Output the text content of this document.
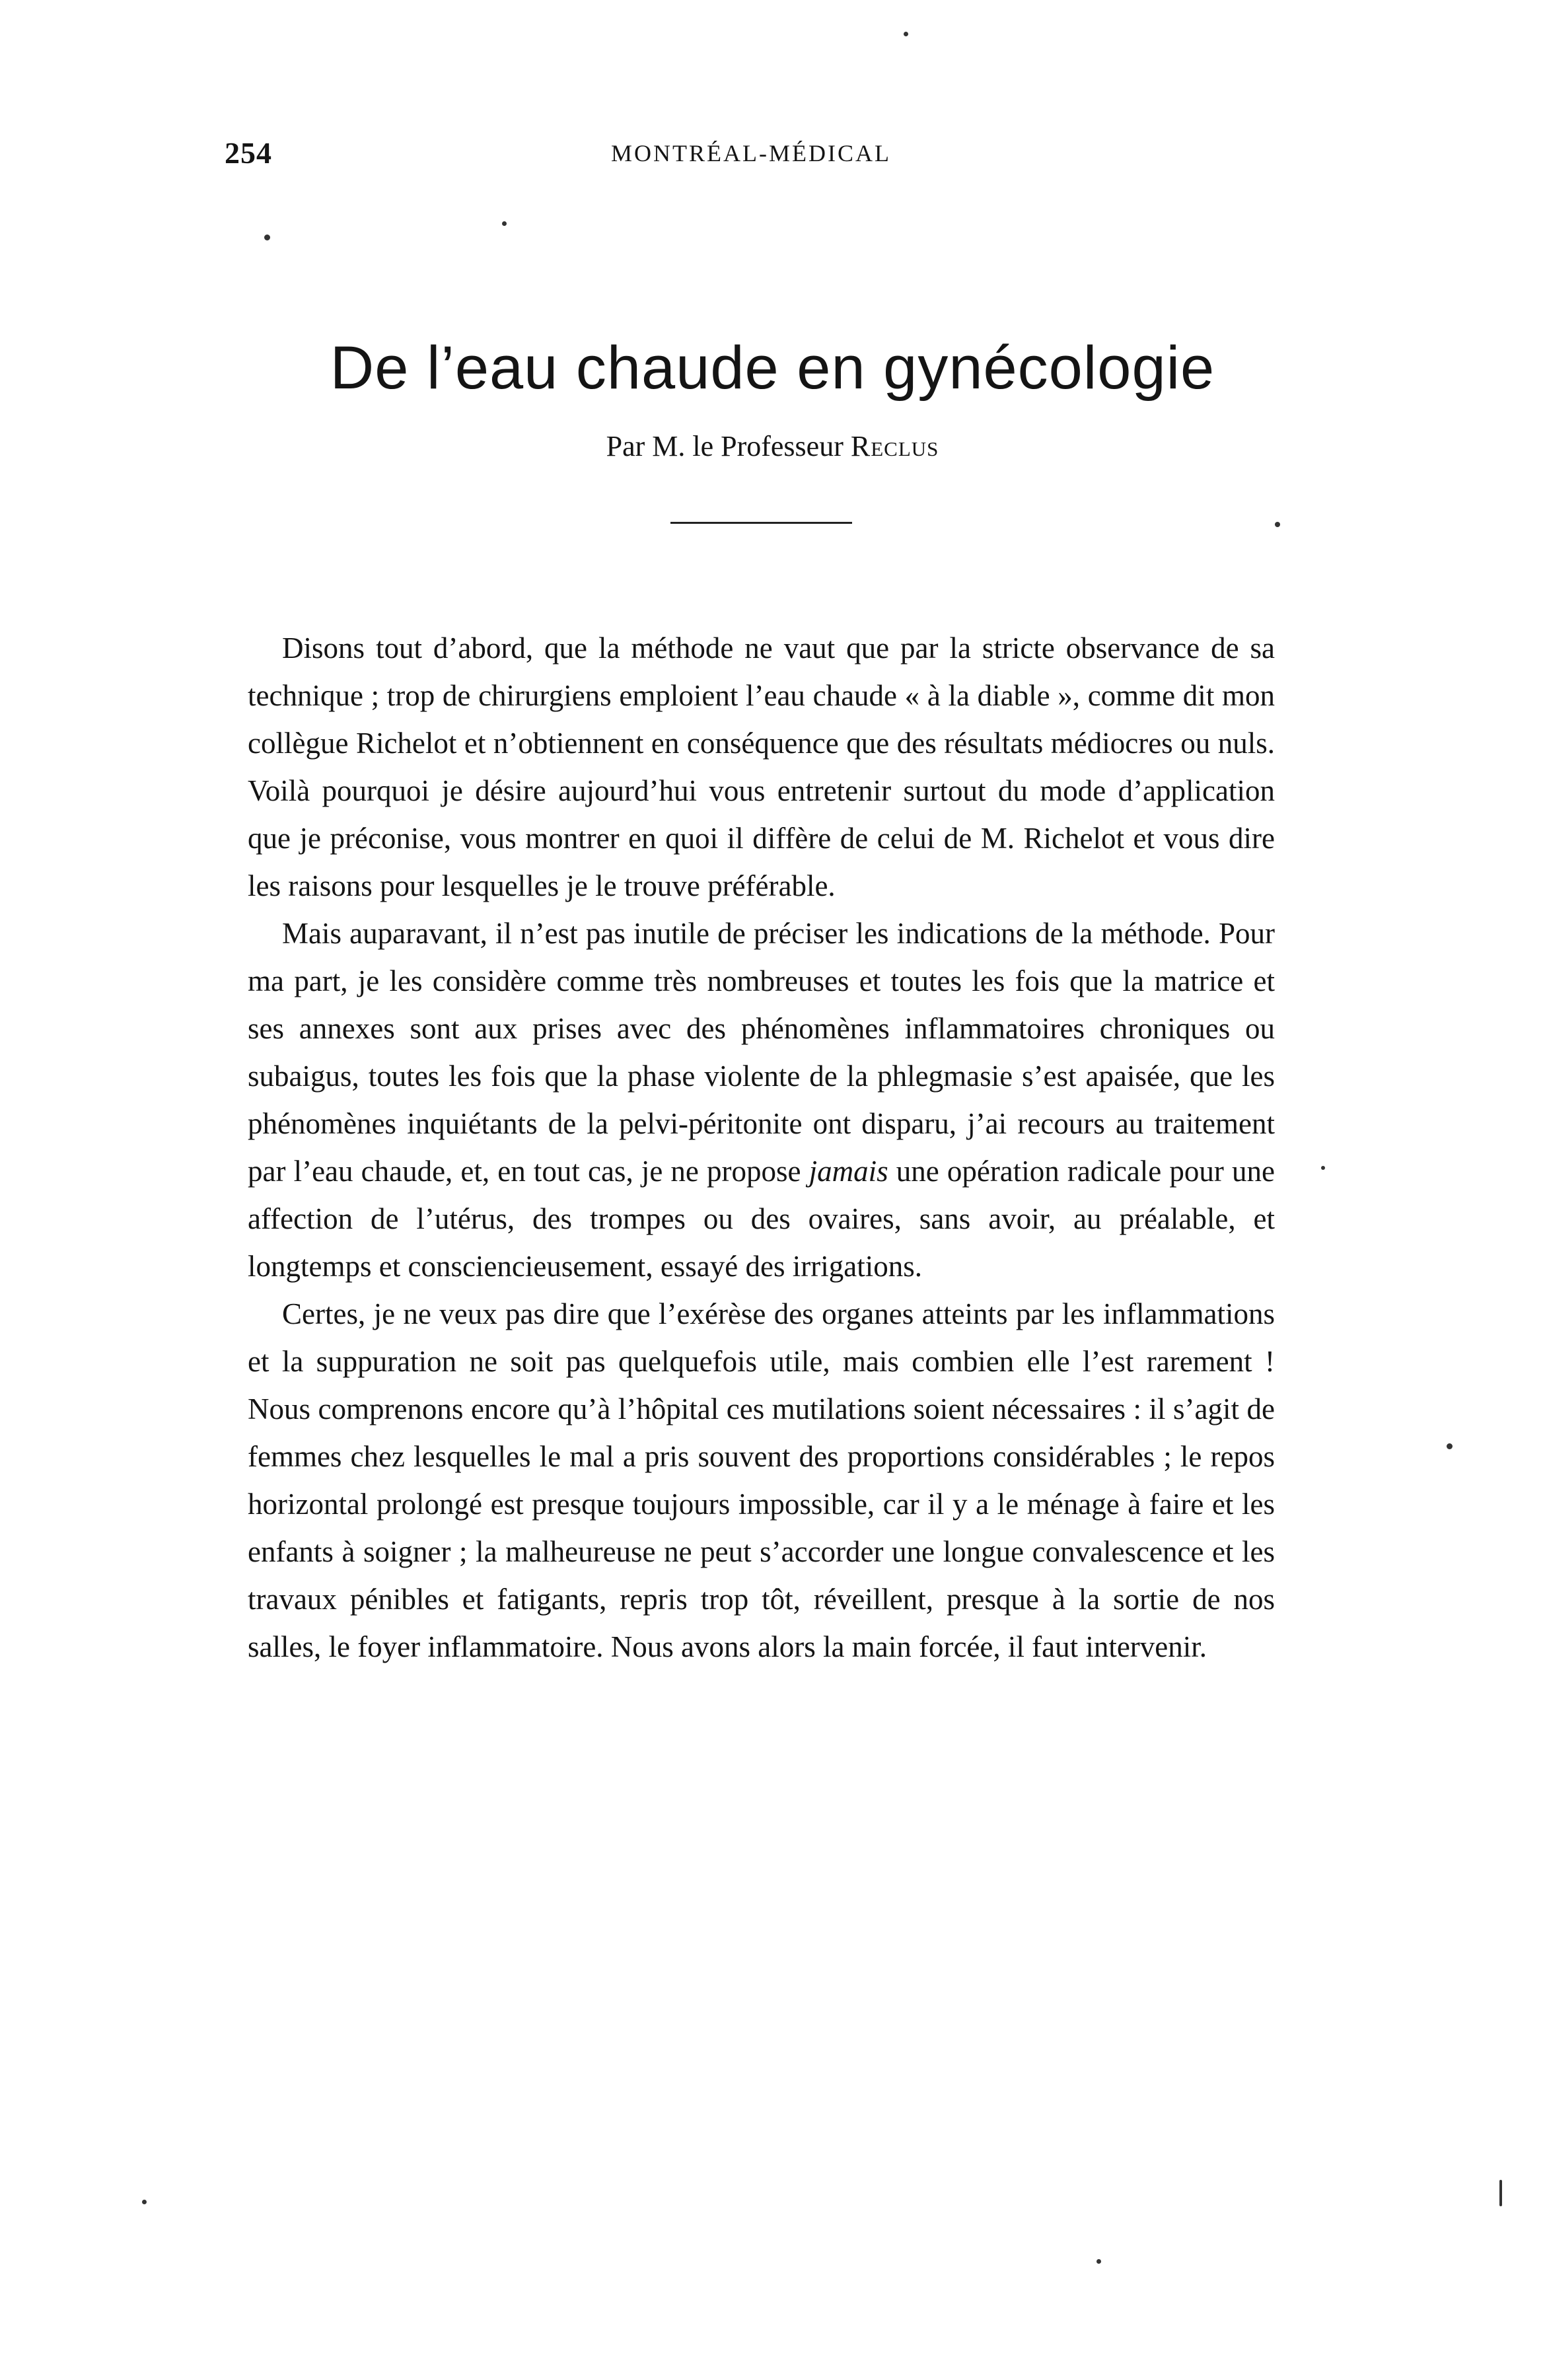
254	MONTRÉAL-MÉDICAL
De l’eau chaude en gynécologie
Par M. le Professeur Reclus

Disons tout d’abord, que la méthode ne vaut que par la stricte observance de sa technique ; trop de chirurgiens emploient l’eau chaude « à la diable », comme dit mon collègue Richelot et n’obtiennent en conséquence que des résultats médiocres ou nuls. Voilà pourquoi je désire aujourd’hui vous entretenir surtout du mode d’application que je préconise, vous montrer en quoi il diffère de celui de M. Richelot et vous dire les raisons pour lesquelles je le trouve préférable.

Mais auparavant, il n’est pas inutile de préciser les indications de la méthode. Pour ma part, je les considère comme très nombreuses et toutes les fois que la matrice et ses annexes sont aux prises avec des phénomènes inflammatoires chroniques ou subaigus, toutes les fois que la phase violente de la phlegmasie s’est apaisée, que les phénomènes inquiétants de la pelvi-péritonite ont disparu, j’ai recours au traitement par l’eau chaude, et, en tout cas, je ne propose jamais une opération radicale pour une affection de l’utérus, des trompes ou des ovaires, sans avoir, au préalable, et longtemps et consciencieusement, essayé des irrigations.

Certes, je ne veux pas dire que l’exérèse des organes atteints par les inflammations et la suppuration ne soit pas quelquefois utile, mais combien elle l’est rarement ! Nous comprenons encore qu’à l’hôpital ces mutilations soient nécessaires : il s’agit de femmes chez lesquelles le mal a pris souvent des proportions considérables ; le repos horizontal prolongé est presque toujours impossible, car il y a le ménage à faire et les enfants à soigner ; la malheureuse ne peut s’accorder une longue convalescence et les travaux pénibles et fatigants, repris trop tôt, réveillent, presque à la sortie de nos salles, le foyer inflammatoire. Nous avons alors la main forcée, il faut intervenir.
